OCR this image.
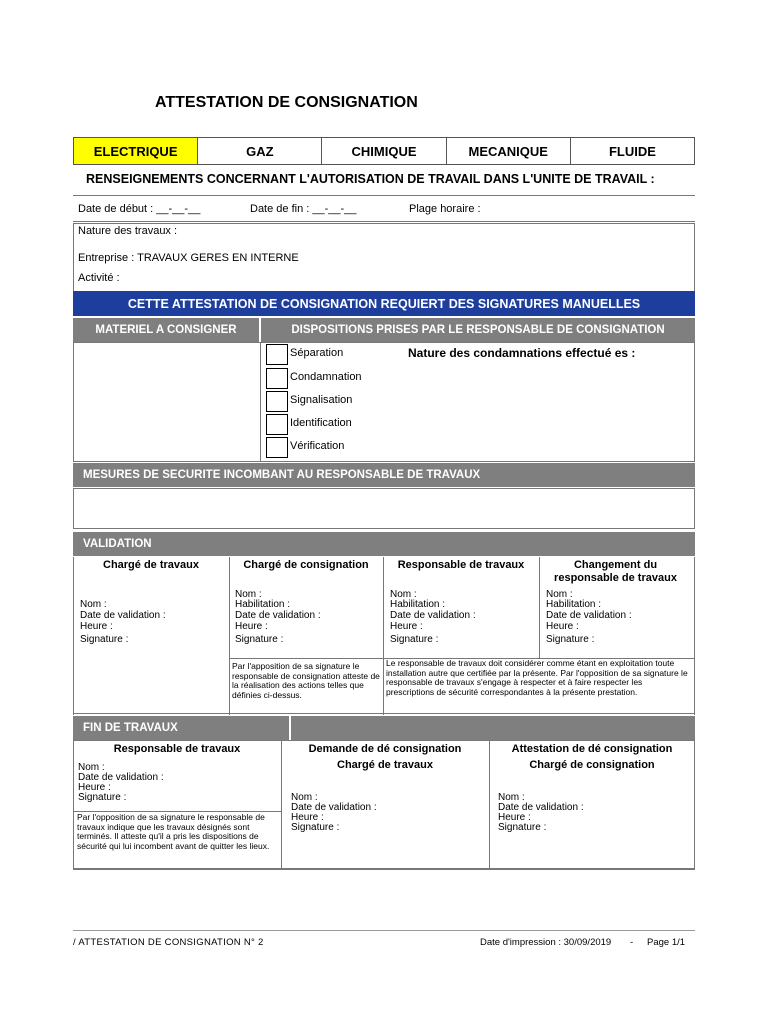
ATTESTATION DE CONSIGNATION
ELECTRIQUE	GAZ	CHIMIQUE	MECANIQUE	FLUIDE
RENSEIGNEMENTS CONCERNANT L'AUTORISATION DE TRAVAIL DANS L'UNITE DE TRAVAIL :
Date de début : __-__-__	Date de fin : __-__-__	Plage horaire :
Nature des travaux :
Entreprise : TRAVAUX GERES EN INTERNE
Activité :
CETTE ATTESTATION DE CONSIGNATION REQUIERT DES SIGNATURES MANUELLES
MATERIEL A CONSIGNER	DISPOSITIONS PRISES PAR LE RESPONSABLE DE CONSIGNATION
Séparation
Condamnation
Signalisation
Identification
Vérification
Nature des condamnations effectué es :
MESURES DE SECURITE INCOMBANT AU RESPONSABLE DE TRAVAUX
VALIDATION
Chargé de travaux
Nom :
Date de validation :
Heure :
Signature :
Chargé de consignation
Nom :
Habilitation :
Date de validation :
Heure :
Signature :
Par l'apposition de sa signature le responsable de consignation atteste de la réalisation des actions telles que définies ci-dessus.
Responsable de travaux
Nom :
Habilitation :
Date de validation :
Heure :
Signature :
Le responsable de travaux doit considérer comme étant en exploitation toute installation autre que certifiée par la présente. Par l'opposition de sa signature le responsable de travaux s'engage à respecter et à faire respecter les prescriptions de sécurité correspondantes à la présente prestation.
Changement du responsable de travaux
Nom :
Habilitation :
Date de validation :
Heure :
Signature :
FIN DE TRAVAUX
Responsable de travaux
Nom :
Date de validation :
Heure :
Signature :
Par l'opposition de sa signature le responsable de travaux indique que les travaux désignés sont terminés. Il atteste qu'il a pris les dispositions de sécurité qui lui incombent avant de quitter les lieux.
Demande de dé consignation
Chargé de travaux
Nom :
Date de validation :
Heure :
Signature :
Attestation de dé consignation
Chargé de consignation
Nom :
Date de validation :
Heure :
Signature :
/ ATTESTATION DE CONSIGNATION N° 2	Date d'impression : 30/09/2019 - Page 1/1
